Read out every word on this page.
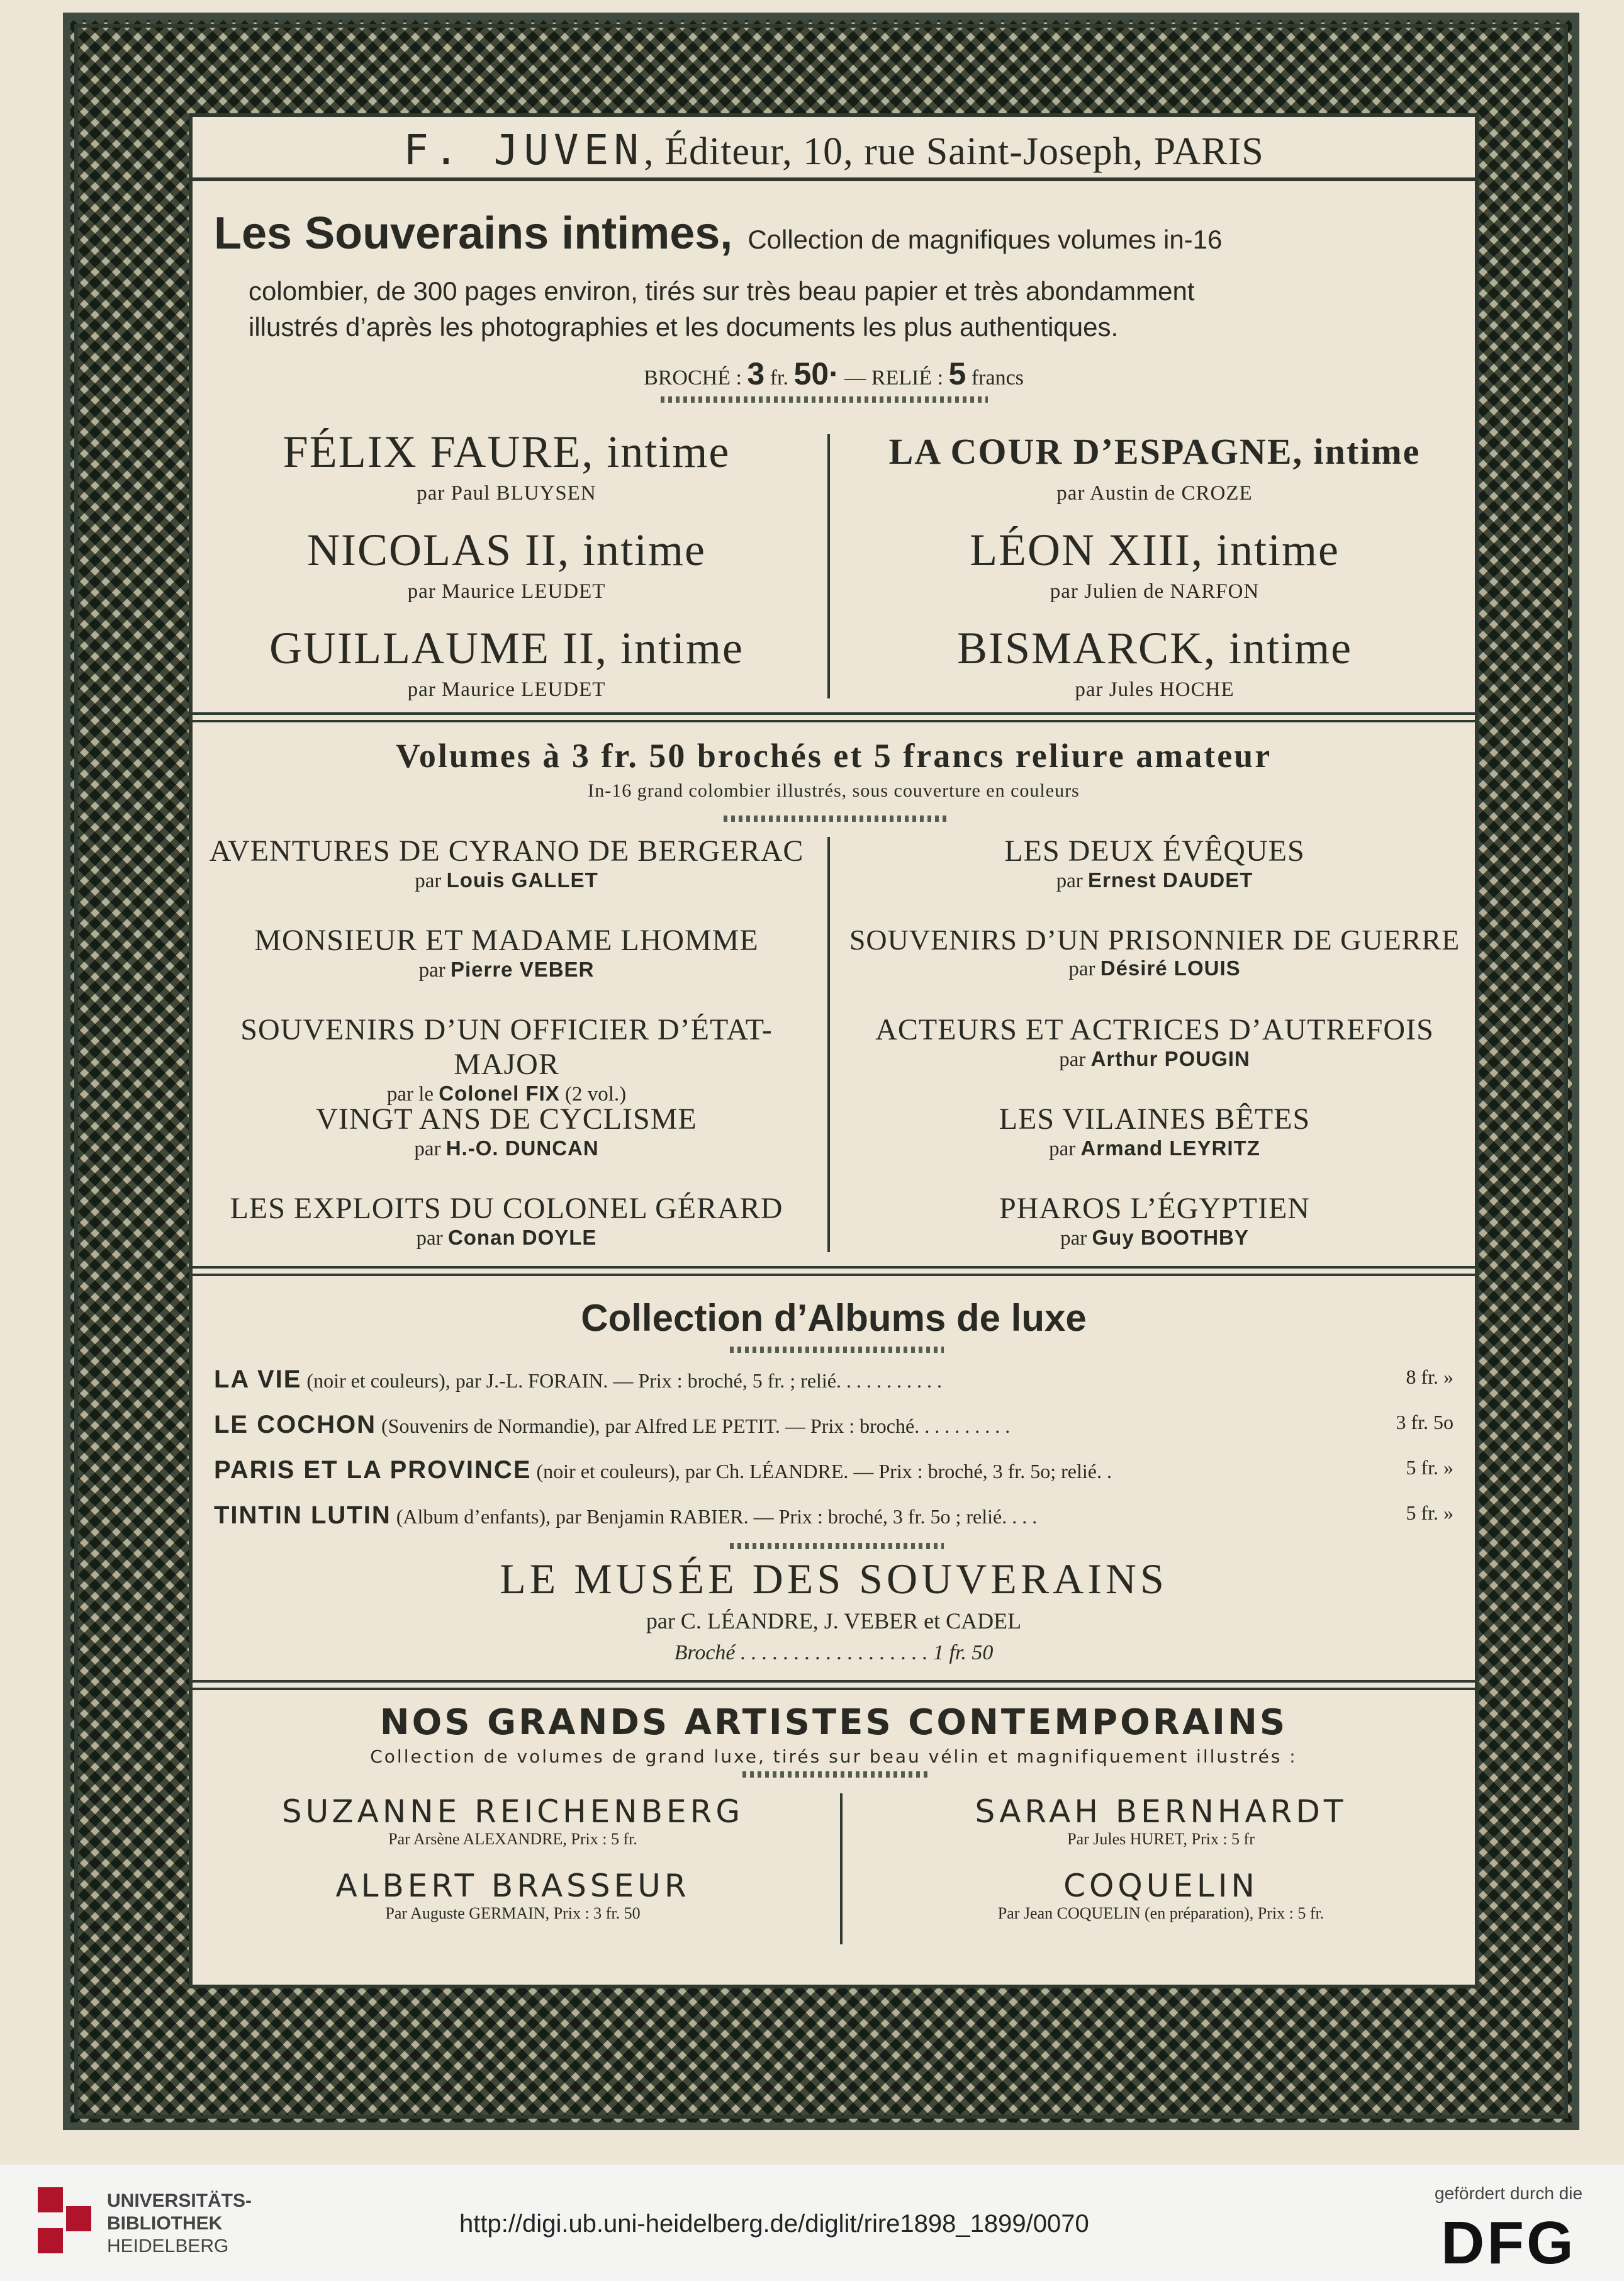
F. JUVEN, Éditeur, 10, rue Saint-Joseph, PARIS
Les Souverains intimes, Collection de magnifiques volumes in-16
colombier, de 300 pages environ, tirés sur très beau papier et très abondamment
illustrés d’après les photographies et les documents les plus authentiques.
BROCHÉ : 3 fr. 50· — RELIÉ : 5 francs
FÉLIX FAURE, intime
par Paul BLUYSEN
NICOLAS II, intime
par Maurice LEUDET
GUILLAUME II, intime
par Maurice LEUDET
LA COUR D’ESPAGNE, intime
par Austin de CROZE
LÉON XIII, intime
par Julien de NARFON
BISMARCK, intime
par Jules HOCHE
Volumes à 3 fr. 50 brochés et 5 francs reliure amateur
In-16 grand colombier illustrés, sous couverture en couleurs
AVENTURES DE CYRANO DE BERGERAC
par Louis GALLET
MONSIEUR ET MADAME LHOMME
par Pierre VEBER
SOUVENIRS D’UN OFFICIER D’ÉTAT-MAJOR
par le Colonel FIX (2 vol.)
VINGT ANS DE CYCLISME
par H.-O. DUNCAN
LES EXPLOITS DU COLONEL GÉRARD
par Conan DOYLE
LES DEUX ÉVÊQUES
par Ernest DAUDET
SOUVENIRS D’UN PRISONNIER DE GUERRE
par Désiré LOUIS
ACTEURS ET ACTRICES D’AUTREFOIS
par Arthur POUGIN
LES VILAINES BÊTES
par Armand LEYRITZ
PHAROS L’ÉGYPTIEN
par Guy BOOTHBY
Collection d’Albums de luxe
LA VIE (noir et couleurs), par J.-L. FORAIN. — Prix : broché, 5 fr. ; relié. . . . . . . . . . .	8 fr. »
LE COCHON (Souvenirs de Normandie), par Alfred LE PETIT. — Prix : broché. . . . . . . . . .	3 fr. 5o
PARIS ET LA PROVINCE (noir et couleurs), par Ch. LÉANDRE. — Prix : broché, 3 fr. 5o; relié. .	5 fr. »
TINTIN LUTIN (Album d’enfants), par Benjamin RABIER. — Prix : broché, 3 fr. 5o ; relié. . . .	5 fr. »
LE MUSÉE DES SOUVERAINS
par C. LÉANDRE, J. VEBER et CADEL
Broché . . . . . . . . . . . . . . . . . . 1 fr. 50
NOS GRANDS ARTISTES CONTEMPORAINS
Collection de volumes de grand luxe, tirés sur beau vélin et magnifiquement illustrés :
SUZANNE REICHENBERG
Par Arsène ALEXANDRE, Prix : 5 fr.
ALBERT BRASSEUR
Par Auguste GERMAIN, Prix : 3 fr. 50
SARAH BERNHARDT
Par Jules HURET, Prix : 5 fr
COQUELIN
Par Jean COQUELIN (en préparation), Prix : 5 fr.
UNIVERSITÄTS-
BIBLIOTHEK
HEIDELBERG
http://digi.ub.uni-heidelberg.de/diglit/rire1898_1899/0070
gefördert durch die
DFG
